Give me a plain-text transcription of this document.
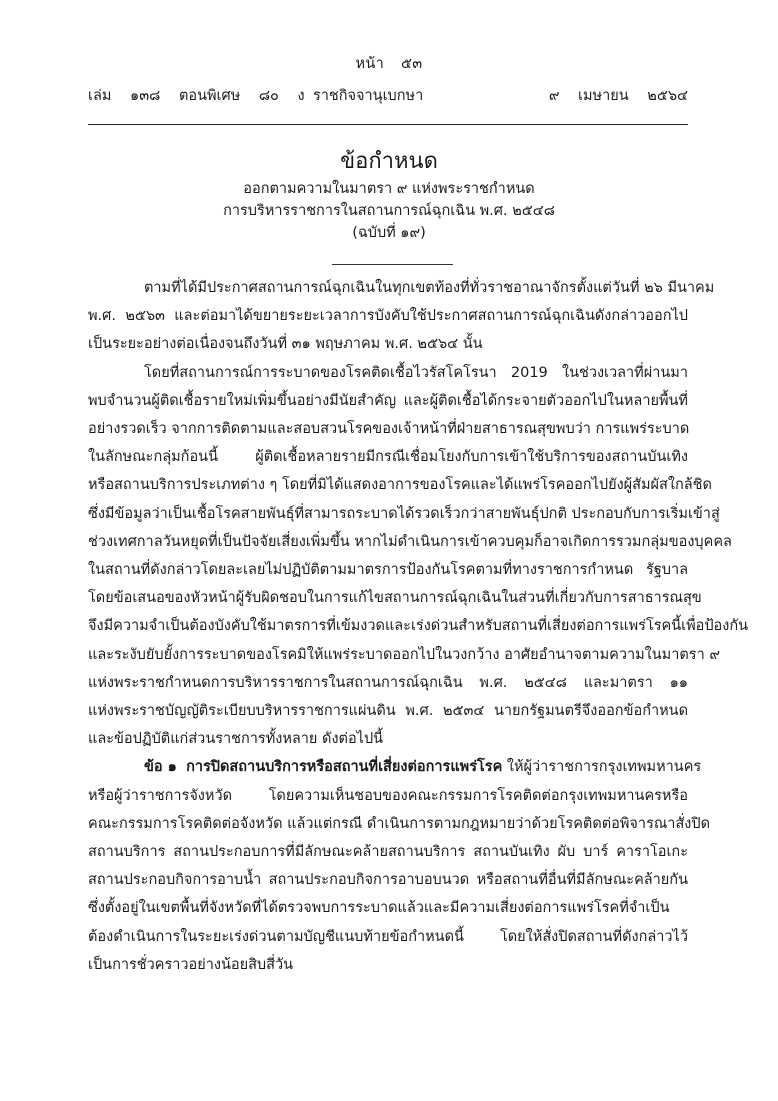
หน้า ๕๓
เล่ม ๑๓๘ ตอนพิเศษ ๘๐ ง ราชกิจจานุเบกษา	๙ เมษายน ๒๕๖๔
ข้อกำหนด
ออกตามความในมาตรา ๙ แห่งพระราชกำหนด
การบริหารราชการในสถานการณ์ฉุกเฉิน พ.ศ. ๒๕๔๘
(ฉบับที่ ๑๙)

ตามที่ได้มีประกาศสถานการณ์ฉุกเฉินในทุกเขตท้องที่ทั่วราชอาณาจักรตั้งแต่วันที่ ๒๖ มีนาคม
พ.ศ. ๒๕๖๓ และต่อมาได้ขยายระยะเวลาการบังคับใช้ประกาศสถานการณ์ฉุกเฉินดังกล่าวออกไป
เป็นระยะอย่างต่อเนื่องจนถึงวันที่ ๓๑ พฤษภาคม พ.ศ. ๒๕๖๔ นั้น

โดยที่สถานการณ์การระบาดของโรคติดเชื้อไวรัสโคโรนา 2019 ในช่วงเวลาที่ผ่านมา
พบจำนวนผู้ติดเชื้อรายใหม่เพิ่มขึ้นอย่างมีนัยสำคัญ และผู้ติดเชื้อได้กระจายตัวออกไปในหลายพื้นที่
อย่างรวดเร็ว จากการติดตามและสอบสวนโรคของเจ้าหน้าที่ฝ่ายสาธารณสุขพบว่า การแพร่ระบาด
ในลักษณะกลุ่มก้อนนี้ ผู้ติดเชื้อหลายรายมีกรณีเชื่อมโยงกับการเข้าใช้บริการของสถานบันเทิง
หรือสถานบริการประเภทต่าง ๆ โดยที่มิได้แสดงอาการของโรคและได้แพร่โรคออกไปยังผู้สัมผัสใกล้ชิด
ซึ่งมีข้อมูลว่าเป็นเชื้อโรคสายพันธุ์ที่สามารถระบาดได้รวดเร็วกว่าสายพันธุ์ปกติ ประกอบกับการเริ่มเข้าสู่
ช่วงเทศกาลวันหยุดที่เป็นปัจจัยเสี่ยงเพิ่มขึ้น หากไม่ดำเนินการเข้าควบคุมก็อาจเกิดการรวมกลุ่มของบุคคล
ในสถานที่ดังกล่าวโดยละเลยไม่ปฏิบัติตามมาตรการป้องกันโรคตามที่ทางราชการกำหนด รัฐบาล
โดยข้อเสนอของหัวหน้าผู้รับผิดชอบในการแก้ไขสถานการณ์ฉุกเฉินในส่วนที่เกี่ยวกับการสาธารณสุข
จึงมีความจำเป็นต้องบังคับใช้มาตรการที่เข้มงวดและเร่งด่วนสำหรับสถานที่เสี่ยงต่อการแพร่โรคนี้เพื่อป้องกัน
และระงับยับยั้งการระบาดของโรคมิให้แพร่ระบาดออกไปในวงกว้าง อาศัยอำนาจตามความในมาตรา ๙
แห่งพระราชกำหนดการบริหารราชการในสถานการณ์ฉุกเฉิน พ.ศ. ๒๕๔๘ และมาตรา ๑๑
แห่งพระราชบัญญัติระเบียบบริหารราชการแผ่นดิน พ.ศ. ๒๕๓๔ นายกรัฐมนตรีจึงออกข้อกำหนด
และข้อปฏิบัติแก่ส่วนราชการทั้งหลาย ดังต่อไปนี้

ข้อ ๑ การปิดสถานบริการหรือสถานที่เสี่ยงต่อการแพร่โรค ให้ผู้ว่าราชการกรุงเทพมหานคร
หรือผู้ว่าราชการจังหวัด โดยความเห็นชอบของคณะกรรมการโรคติดต่อกรุงเทพมหานครหรือ
คณะกรรมการโรคติดต่อจังหวัด แล้วแต่กรณี ดำเนินการตามกฎหมายว่าด้วยโรคติดต่อพิจารณาสั่งปิด
สถานบริการ สถานประกอบการที่มีลักษณะคล้ายสถานบริการ สถานบันเทิง ผับ บาร์ คาราโอเกะ
สถานประกอบกิจการอาบน้ำ สถานประกอบกิจการอาบอบนวด หรือสถานที่อื่นที่มีลักษณะคล้ายกัน
ซึ่งตั้งอยู่ในเขตพื้นที่จังหวัดที่ได้ตรวจพบการระบาดแล้วและมีความเสี่ยงต่อการแพร่โรคที่จำเป็น
ต้องดำเนินการในระยะเร่งด่วนตามบัญชีแนบท้ายข้อกำหนดนี้ โดยให้สั่งปิดสถานที่ดังกล่าวไว้
เป็นการชั่วคราวอย่างน้อยสิบสี่วัน
